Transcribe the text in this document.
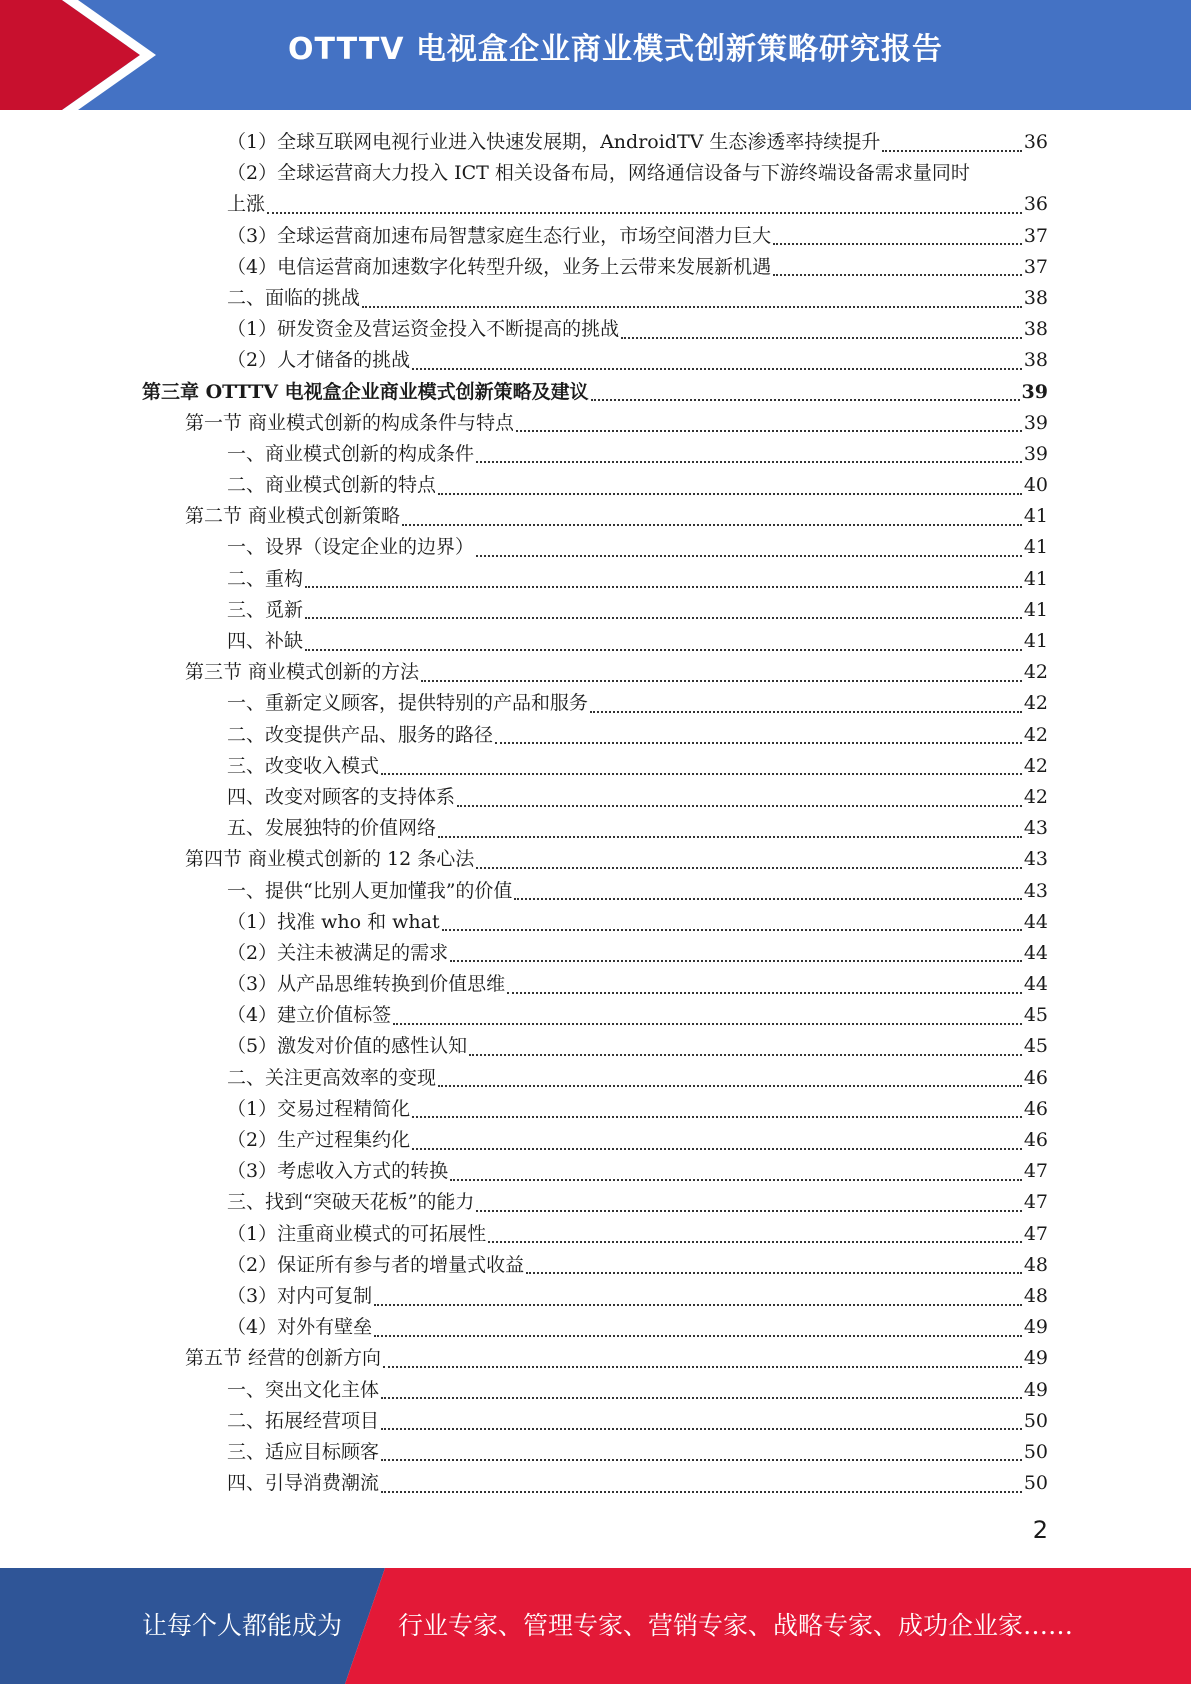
OTTTV 电视盒企业商业模式创新策略研究报告
（1）全球互联网电视行业进入快速发展期，AndroidTV 生态渗透率持续提升	36
（2）全球运营商大力投入 ICT 相关设备布局，网络通信设备与下游终端设备需求量同时
上涨	36
（3）全球运营商加速布局智慧家庭生态行业，市场空间潜力巨大	37
（4）电信运营商加速数字化转型升级，业务上云带来发展新机遇	37
二、面临的挑战	38
（1）研发资金及营运资金投入不断提高的挑战	38
（2）人才储备的挑战	38
第三章 OTTTV 电视盒企业商业模式创新策略及建议	39
第一节 商业模式创新的构成条件与特点	39
一、商业模式创新的构成条件	39
二、商业模式创新的特点	40
第二节 商业模式创新策略	41
一、设界（设定企业的边界）	41
二、重构	41
三、觅新	41
四、补缺	41
第三节 商业模式创新的方法	42
一、重新定义顾客，提供特别的产品和服务	42
二、改变提供产品、服务的路径	42
三、改变收入模式	42
四、改变对顾客的支持体系	42
五、发展独特的价值网络	43
第四节 商业模式创新的 12 条心法	43
一、提供“比别人更加懂我”的价值	43
（1）找准 who 和 what	44
（2）关注未被满足的需求	44
（3）从产品思维转换到价值思维	44
（4）建立价值标签	45
（5）激发对价值的感性认知	45
二、关注更高效率的变现	46
（1）交易过程精简化	46
（2）生产过程集约化	46
（3）考虑收入方式的转换	47
三、找到“突破天花板”的能力	47
（1）注重商业模式的可拓展性	47
（2）保证所有参与者的增量式收益	48
（3）对内可复制	48
（4）对外有壁垒	49
第五节 经营的创新方向	49
一、突出文化主体	49
二、拓展经营项目	50
三、适应目标顾客	50
四、引导消费潮流	50
2
让每个人都能成为 行业专家、管理专家、营销专家、战略专家、成功企业家……
